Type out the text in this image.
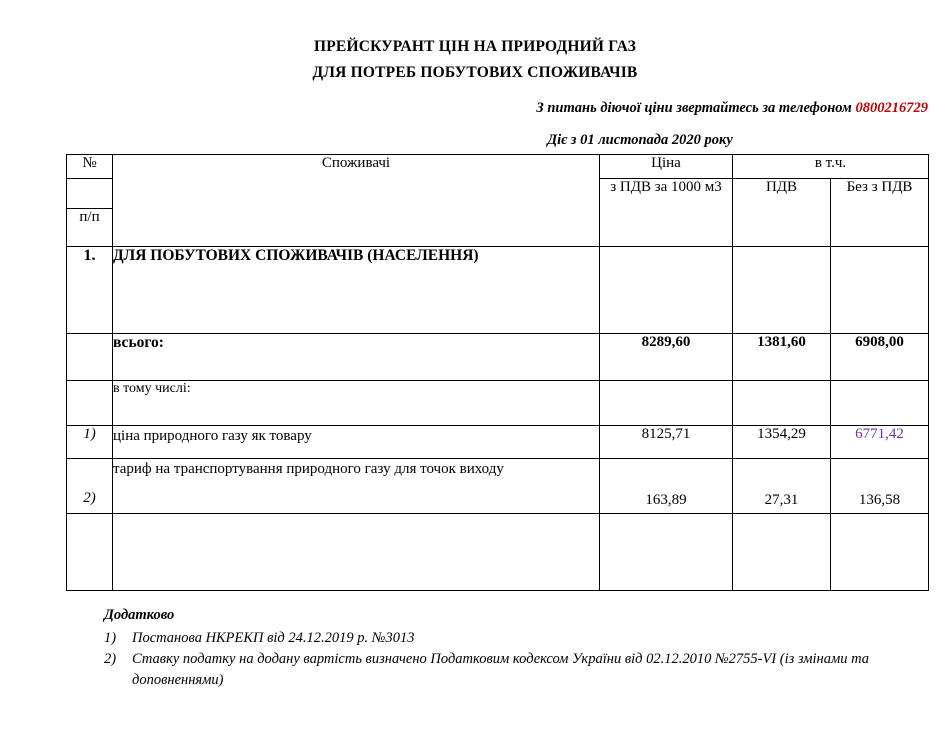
ПРЕЙСКУРАНТ ЦІН НА ПРИРОДНИЙ ГАЗ
ДЛЯ ПОТРЕБ ПОБУТОВИХ СПОЖИВАЧІВ
З питань діючої ціни звертайтесь за телефоном 0800216729
Діє з 01 листопада 2020 року
№	Споживачі	Ціна	в т.ч.	
		з ПДВ за 1000 м3	ПДВ	Без з ПДВ
п/п				
1.	ДЛЯ ПОБУТОВИХ СПОЖИВАЧІВ (НАСЕЛЕННЯ)			
	всього:	8289,60	1381,60	6908,00
	в тому числі:			
1)	ціна природного газу як товару	8125,71	1354,29	6771,42
2)	тариф на транспортування природного газу для точок виходу	163,89	27,31	136,58

Додатково
1)	Постанова НКРЕКП від 24.12.2019 р. №3013
2)	Ставку податку на додану вартість визначено Податковим кодексом України від 02.12.2010 №2755-VI (із змінами та доповненнями)
